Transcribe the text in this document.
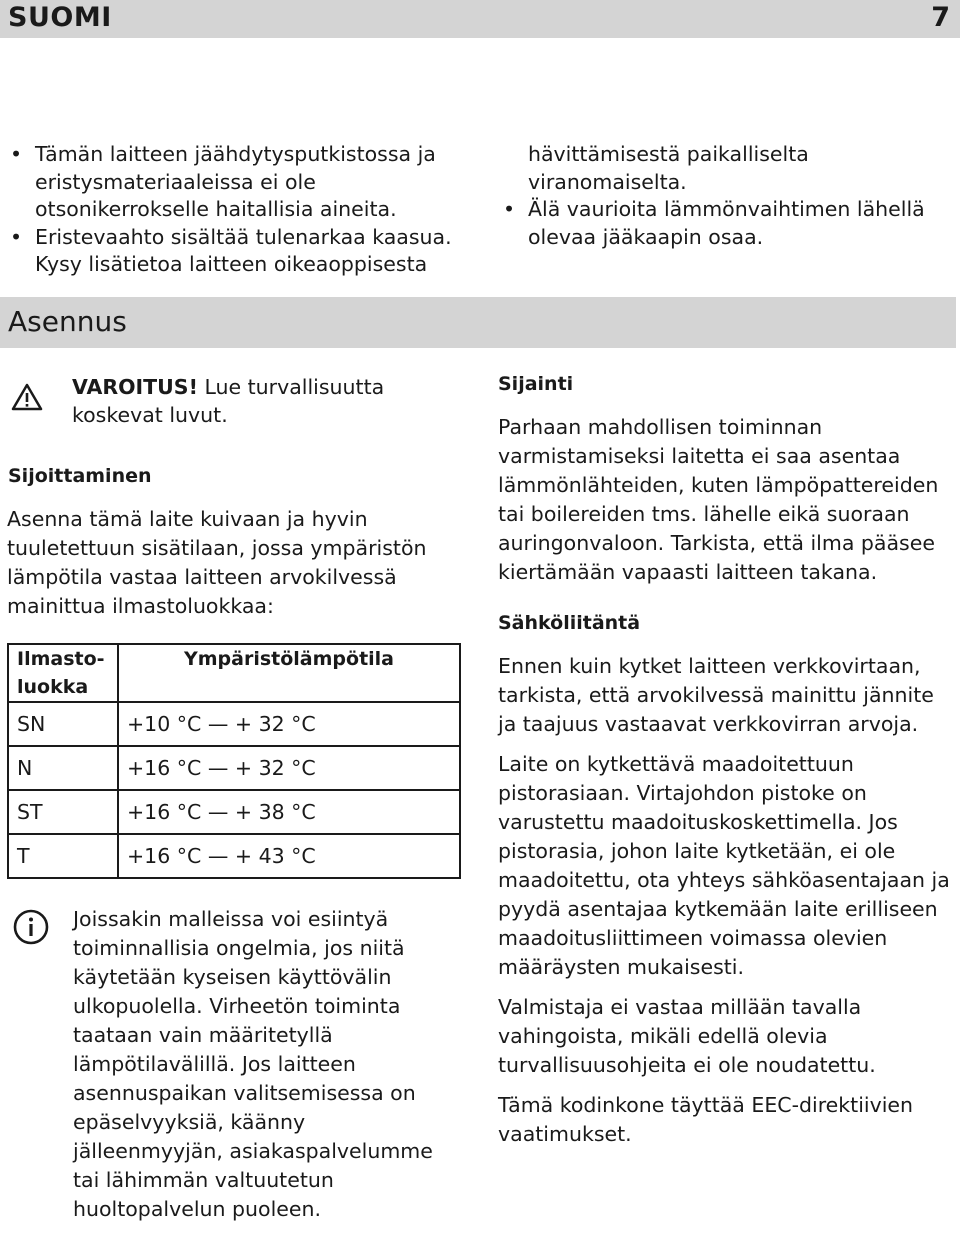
SUOMI	7
• Tämän laitteen jäähdytysputkistossa ja eristysmateriaaleissa ei ole otsonikerrokselle haitallisia aineita.
• Eristevaahto sisältää tulenarkaa kaasua. Kysy lisätietoa laitteen oikeaoppisesta
hävittämisestä paikalliselta viranomaiselta.
• Älä vaurioita lämmönvaihtimen lähellä olevaa jääkaapin osaa.
Asennus
VAROITUS! Lue turvallisuutta koskevat luvut.
Sijoittaminen

Asenna tämä laite kuivaan ja hyvin tuuletettuun sisätilaan, jossa ympäristön lämpötila vastaa laitteen arvokilvessä mainittua ilmastoluokkaa:

Ilmasto-
luokka	Ympäristölämpötila
SN	+10 °C — + 32 °C
N	+16 °C — + 32 °C
ST	+16 °C — + 38 °C
T	+16 °C — + 43 °C

Joissakin malleissa voi esiintyä toiminnallisia ongelmia, jos niitä käytetään kyseisen käyttövälin ulkopuolella. Virheetön toiminta taataan vain määritetyllä lämpötilavälillä. Jos laitteen asennuspaikan valitsemisessa on epäselvyyksiä, käänny jälleenmyyjän, asiakaspalvelumme tai lähimmän valtuutetun huoltopalvelun puoleen.

Sijainti

Parhaan mahdollisen toiminnan varmistamiseksi laitetta ei saa asentaa lämmönlähteiden, kuten lämpöpattereiden tai boilereiden tms. lähelle eikä suoraan auringonvaloon. Tarkista, että ilma pääsee kiertämään vapaasti laitteen takana.

Sähköliitäntä

Ennen kuin kytket laitteen verkkovirtaan, tarkista, että arvokilvessä mainittu jännite ja taajuus vastaavat verkkovirran arvoja.

Laite on kytkettävä maadoitettuun pistorasiaan. Virtajohdon pistoke on varustettu maadoituskoskettimella. Jos pistorasia, johon laite kytketään, ei ole maadoitettu, ota yhteys sähköasentajaan ja pyydä asentajaa kytkemään laite erilliseen maadoitusliittimeen voimassa olevien määräysten mukaisesti.

Valmistaja ei vastaa millään tavalla vahingoista, mikäli edellä olevia turvallisuusohjeita ei ole noudatettu.

Tämä kodinkone täyttää EEC-direktiivien vaatimukset.
